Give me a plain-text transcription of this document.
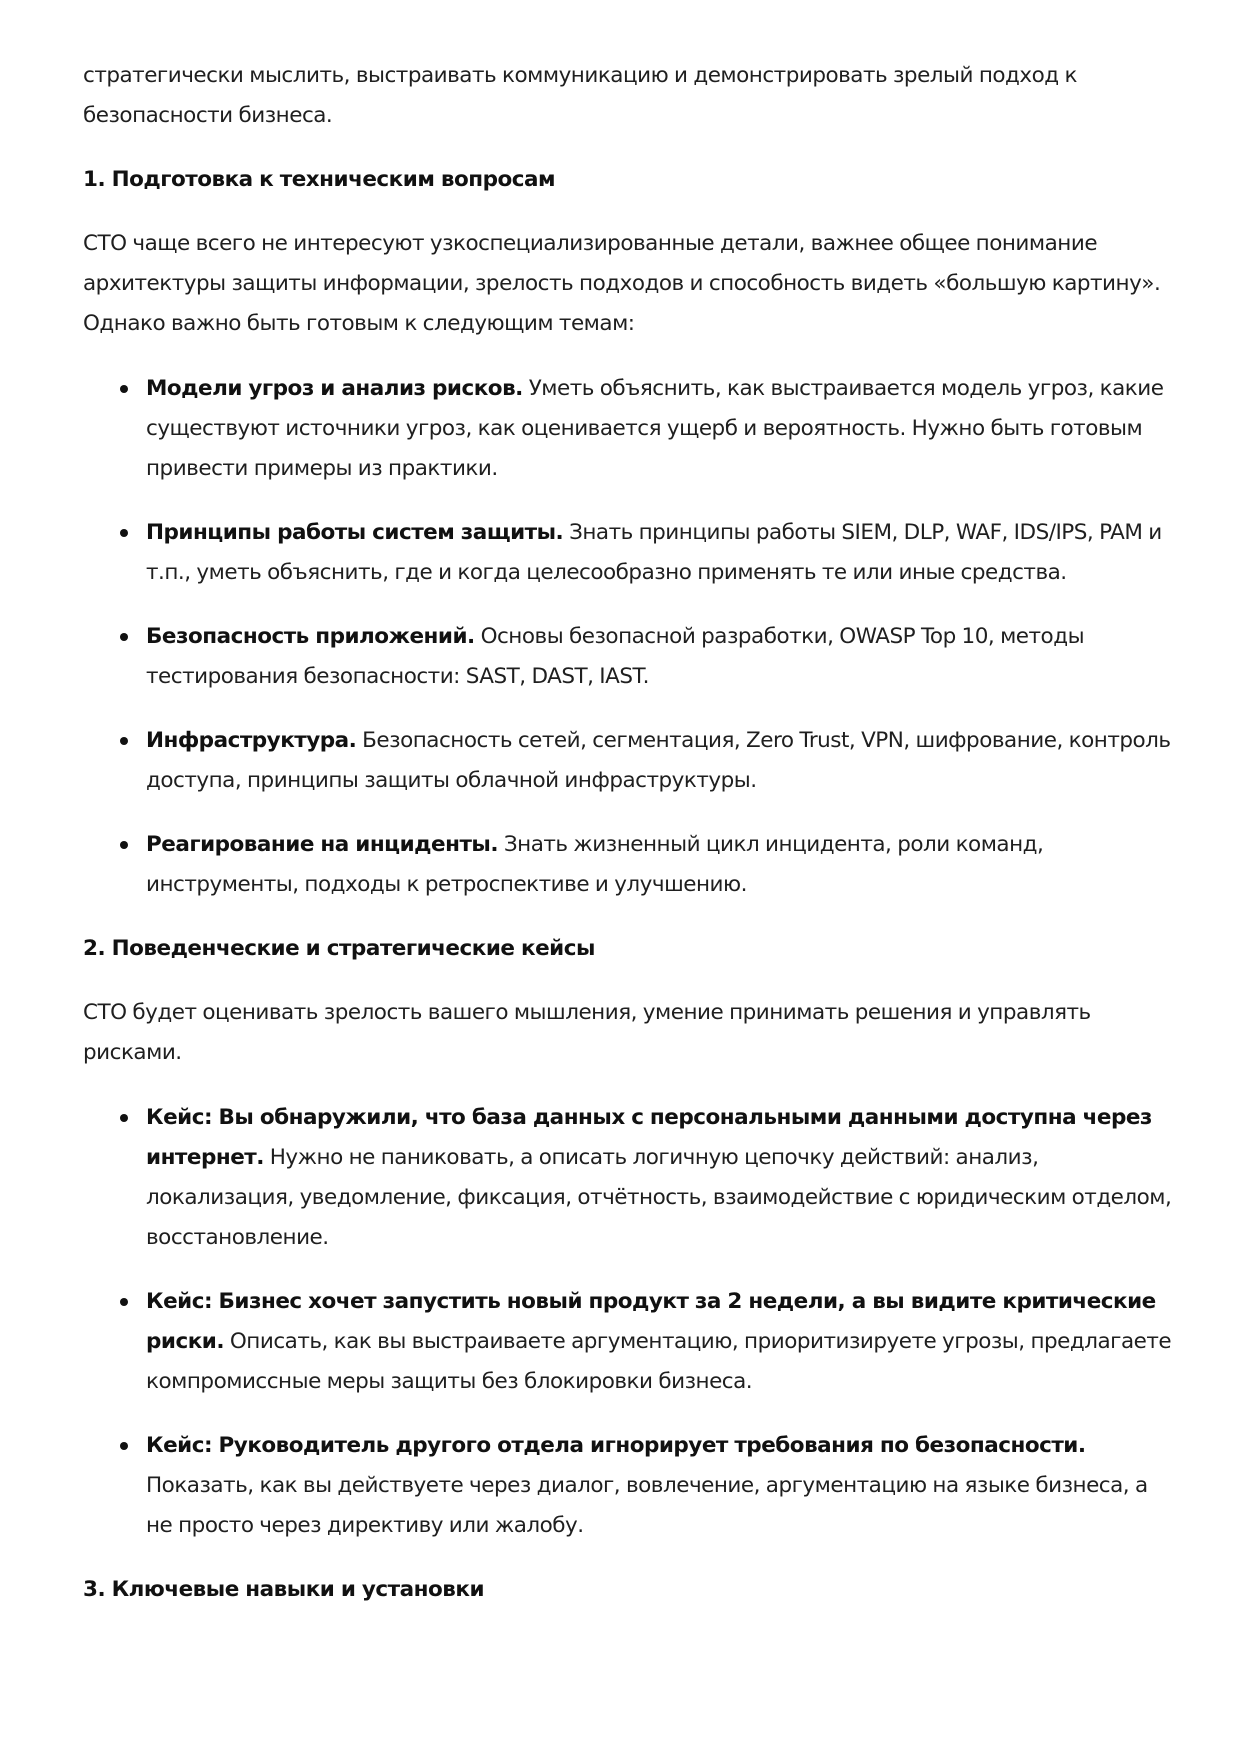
стратегически мыслить, выстраивать коммуникацию и демонстрировать зрелый подход к безопасности бизнеса.

1. Подготовка к техническим вопросам

CTO чаще всего не интересуют узкоспециализированные детали, важнее общее понимание архитектуры защиты информации, зрелость подходов и способность видеть «большую картину». Однако важно быть готовым к следующим темам:

Модели угроз и анализ рисков. Уметь объяснить, как выстраивается модель угроз, какие существуют источники угроз, как оценивается ущерб и вероятность. Нужно быть готовым привести примеры из практики.
Принципы работы систем защиты. Знать принципы работы SIEM, DLP, WAF, IDS/IPS, PAM и т.п., уметь объяснить, где и когда целесообразно применять те или иные средства.
Безопасность приложений. Основы безопасной разработки, OWASP Top 10, методы тестирования безопасности: SAST, DAST, IAST.
Инфраструктура. Безопасность сетей, сегментация, Zero Trust, VPN, шифрование, контроль доступа, принципы защиты облачной инфраструктуры.
Реагирование на инциденты. Знать жизненный цикл инцидента, роли команд, инструменты, подходы к ретроспективе и улучшению.
2. Поведенческие и стратегические кейсы

CTO будет оценивать зрелость вашего мышления, умение принимать решения и управлять рисками.

Кейс: Вы обнаружили, что база данных с персональными данными доступна через интернет. Нужно не паниковать, а описать логичную цепочку действий: анализ, локализация, уведомление, фиксация, отчётность, взаимодействие с юридическим отделом, восстановление.
Кейс: Бизнес хочет запустить новый продукт за 2 недели, а вы видите критические риски. Описать, как вы выстраиваете аргументацию, приоритизируете угрозы, предлагаете компромиссные меры защиты без блокировки бизнеса.
Кейс: Руководитель другого отдела игнорирует требования по безопасности. Показать, как вы действуете через диалог, вовлечение, аргументацию на языке бизнеса, а не просто через директиву или жалобу.
3. Ключевые навыки и установки
